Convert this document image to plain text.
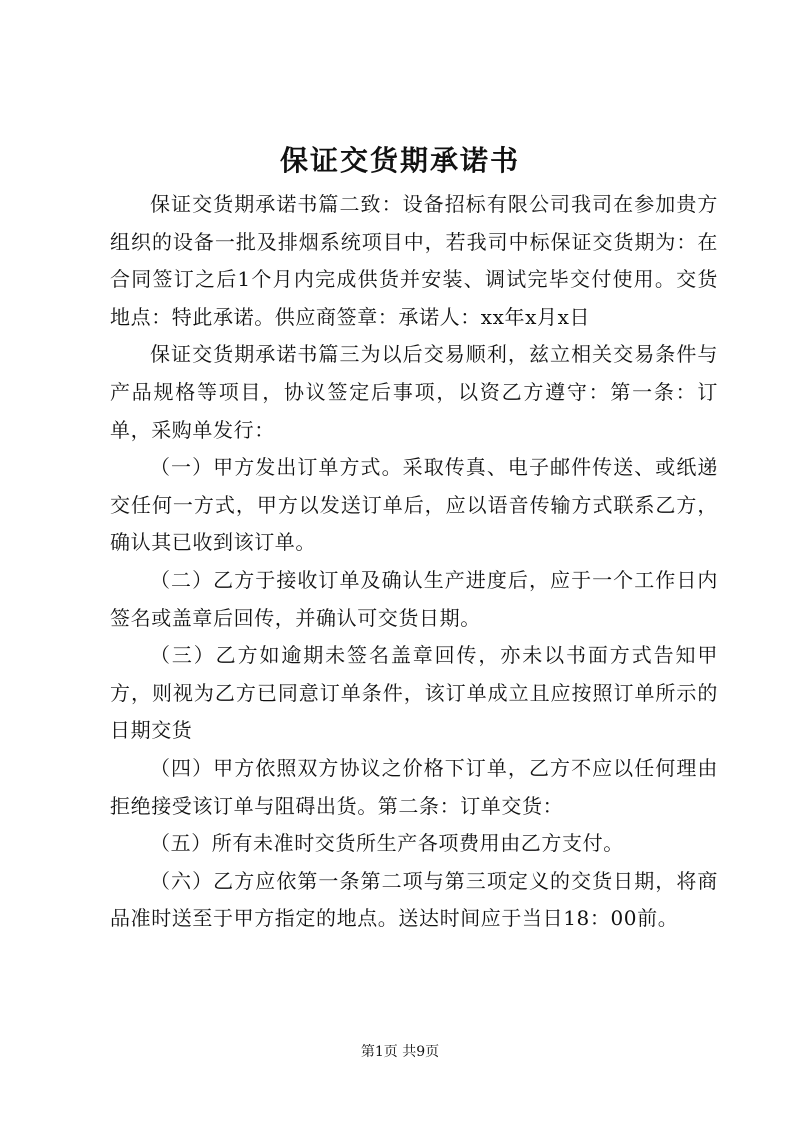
保证交货期承诺书

保证交货期承诺书篇二致：设备招标有限公司我司在参加贵方组织的设备一批及排烟系统项目中，若我司中标保证交货期为：在合同签订之后1个月内完成供货并安装、调试完毕交付使用。交货地点：特此承诺。供应商签章：承诺人：xx年x月x日

保证交货期承诺书篇三为以后交易顺利，兹立相关交易条件与产品规格等项目，协议签定后事项，以资乙方遵守：第一条：订单，采购单发行：

（一）甲方发出订单方式。采取传真、电子邮件传送、或纸递交任何一方式，甲方以发送订单后，应以语音传输方式联系乙方，确认其已收到该订单。

（二）乙方于接收订单及确认生产进度后，应于一个工作日内签名或盖章后回传，并确认可交货日期。

（三）乙方如逾期未签名盖章回传，亦未以书面方式告知甲方，则视为乙方已同意订单条件，该订单成立且应按照订单所示的日期交货

（四）甲方依照双方协议之价格下订单，乙方不应以任何理由拒绝接受该订单与阻碍出货。第二条：订单交货：

（五）所有未准时交货所生产各项费用由乙方支付。

（六）乙方应依第一条第二项与第三项定义的交货日期，将商品准时送至于甲方指定的地点。送达时间应于当日18：00前。

第1页 共9页
